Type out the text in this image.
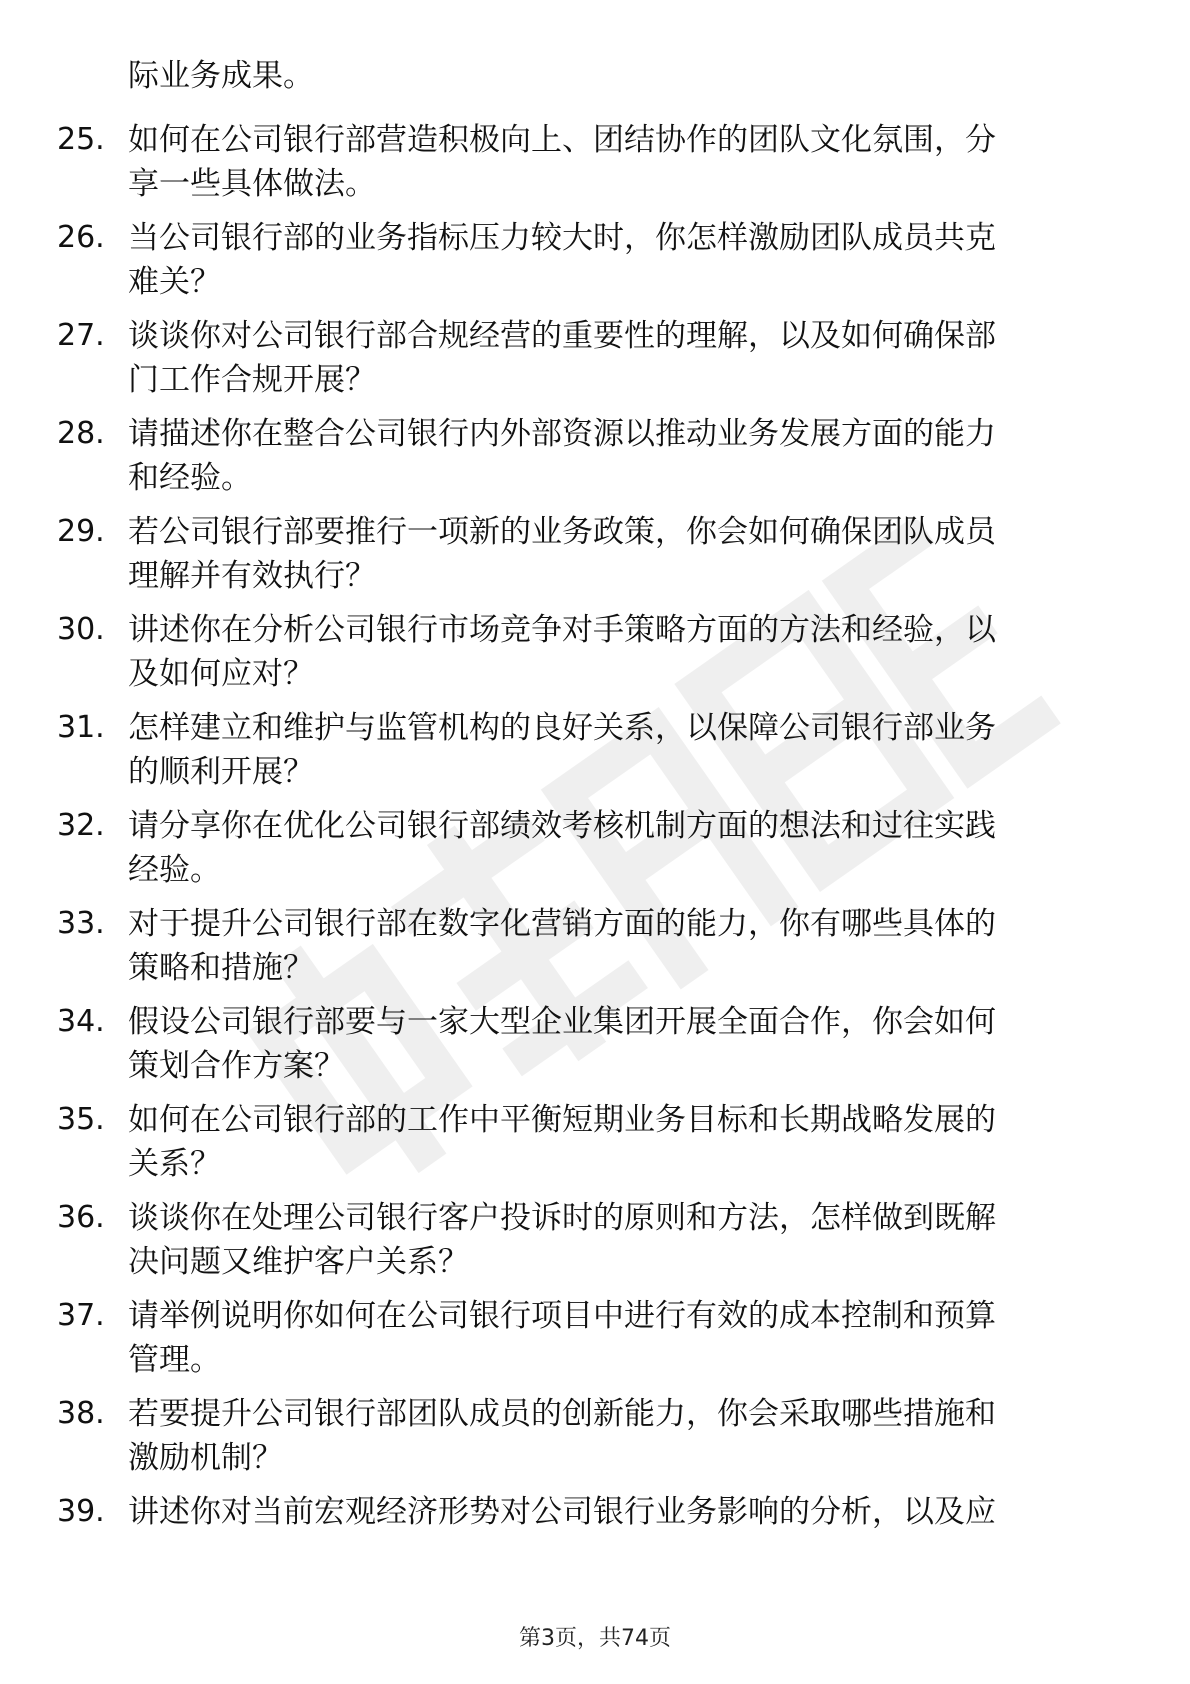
际业务成果。
25. 如何在公司银行部营造积极向上、团结协作的团队文化氛围，分
享一些具体做法。
26. 当公司银行部的业务指标压力较大时，你怎样激励团队成员共克
难关？
27. 谈谈你对公司银行部合规经营的重要性的理解，以及如何确保部
门工作合规开展？
28. 请描述你在整合公司银行内外部资源以推动业务发展方面的能力
和经验。
29. 若公司银行部要推行一项新的业务政策，你会如何确保团队成员
理解并有效执行？
30. 讲述你在分析公司银行市场竞争对手策略方面的方法和经验，以
及如何应对？
31. 怎样建立和维护与监管机构的良好关系，以保障公司银行部业务
的顺利开展？
32. 请分享你在优化公司银行部绩效考核机制方面的想法和过往实践
经验。
33. 对于提升公司银行部在数字化营销方面的能力，你有哪些具体的
策略和措施？
34. 假设公司银行部要与一家大型企业集团开展全面合作，你会如何
策划合作方案？
35. 如何在公司银行部的工作中平衡短期业务目标和长期战略发展的
关系？
36. 谈谈你在处理公司银行客户投诉时的原则和方法，怎样做到既解
决问题又维护客户关系？
37. 请举例说明你如何在公司银行项目中进行有效的成本控制和预算
管理。
38. 若要提升公司银行部团队成员的创新能力，你会采取哪些措施和
激励机制？
39. 讲述你对当前宏观经济形势对公司银行业务影响的分析，以及应
第3页，共74页
